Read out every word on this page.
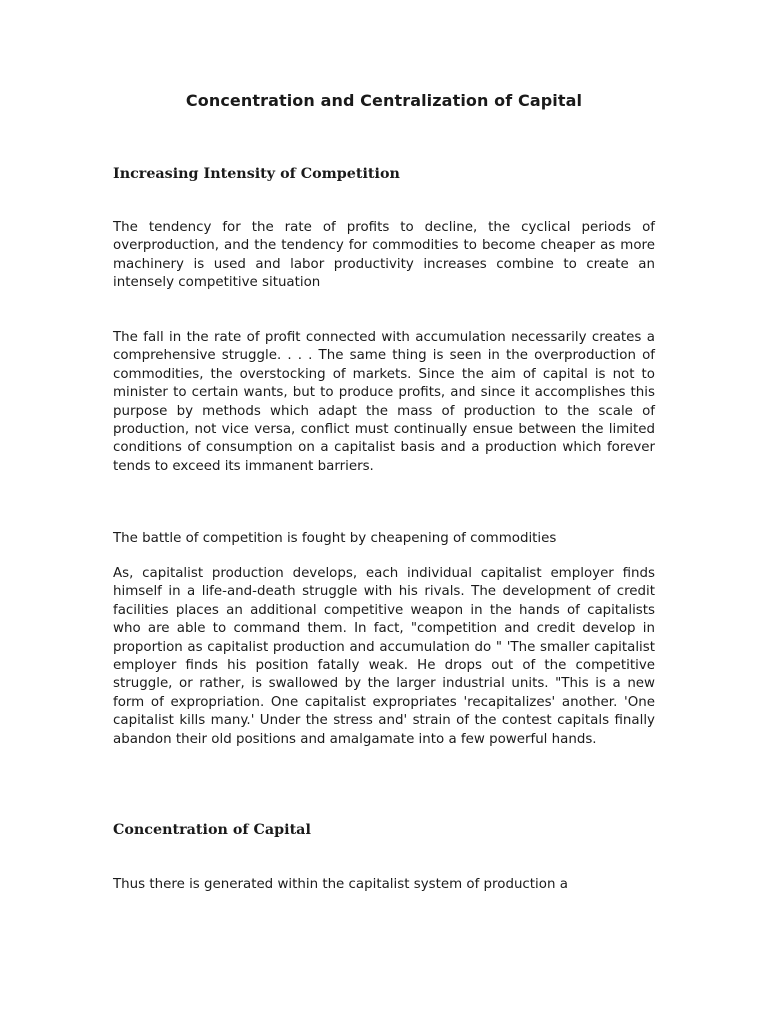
Concentration and Centralization of Capital
Increasing Intensity of Competition

The tendency for the rate of profits to decline, the cyclical periods of overproduction, and the tendency for commodities to become cheaper as more machinery is used and labor productivity increases combine to create an intensely competitive situation

The fall in the rate of profit connected with accumulation necessarily creates a comprehensive struggle. . . . The same thing is seen in the overproduction of commodities, the overstocking of markets. Since the aim of capital is not to minister to certain wants, but to produce profits, and since it accomplishes this purpose by methods which adapt the mass of production to the scale of production, not vice versa, conflict must continually ensue between the limited conditions of consumption on a capitalist basis and a production which forever tends to exceed its immanent barriers.

The battle of competition is fought by cheapening of commodities

As, capitalist production develops, each individual capitalist employer finds himself in a life-and-death struggle with his rivals. The development of credit facilities places an additional competitive weapon in the hands of capitalists who are able to command them. In fact, "competition and credit develop in proportion as capitalist production and accumulation do " 'The smaller capitalist employer finds his position fatally weak. He drops out of the competitive struggle, or rather, is swallowed by the larger industrial units. "This is a new form of expropriation. One capitalist expropriates 'recapitalizes' another. 'One capitalist kills many.' Under the stress and' strain of the contest capitals finally abandon their old positions and amalgamate into a few powerful hands.

Concentration of Capital

Thus there is generated within the capitalist system of production a
